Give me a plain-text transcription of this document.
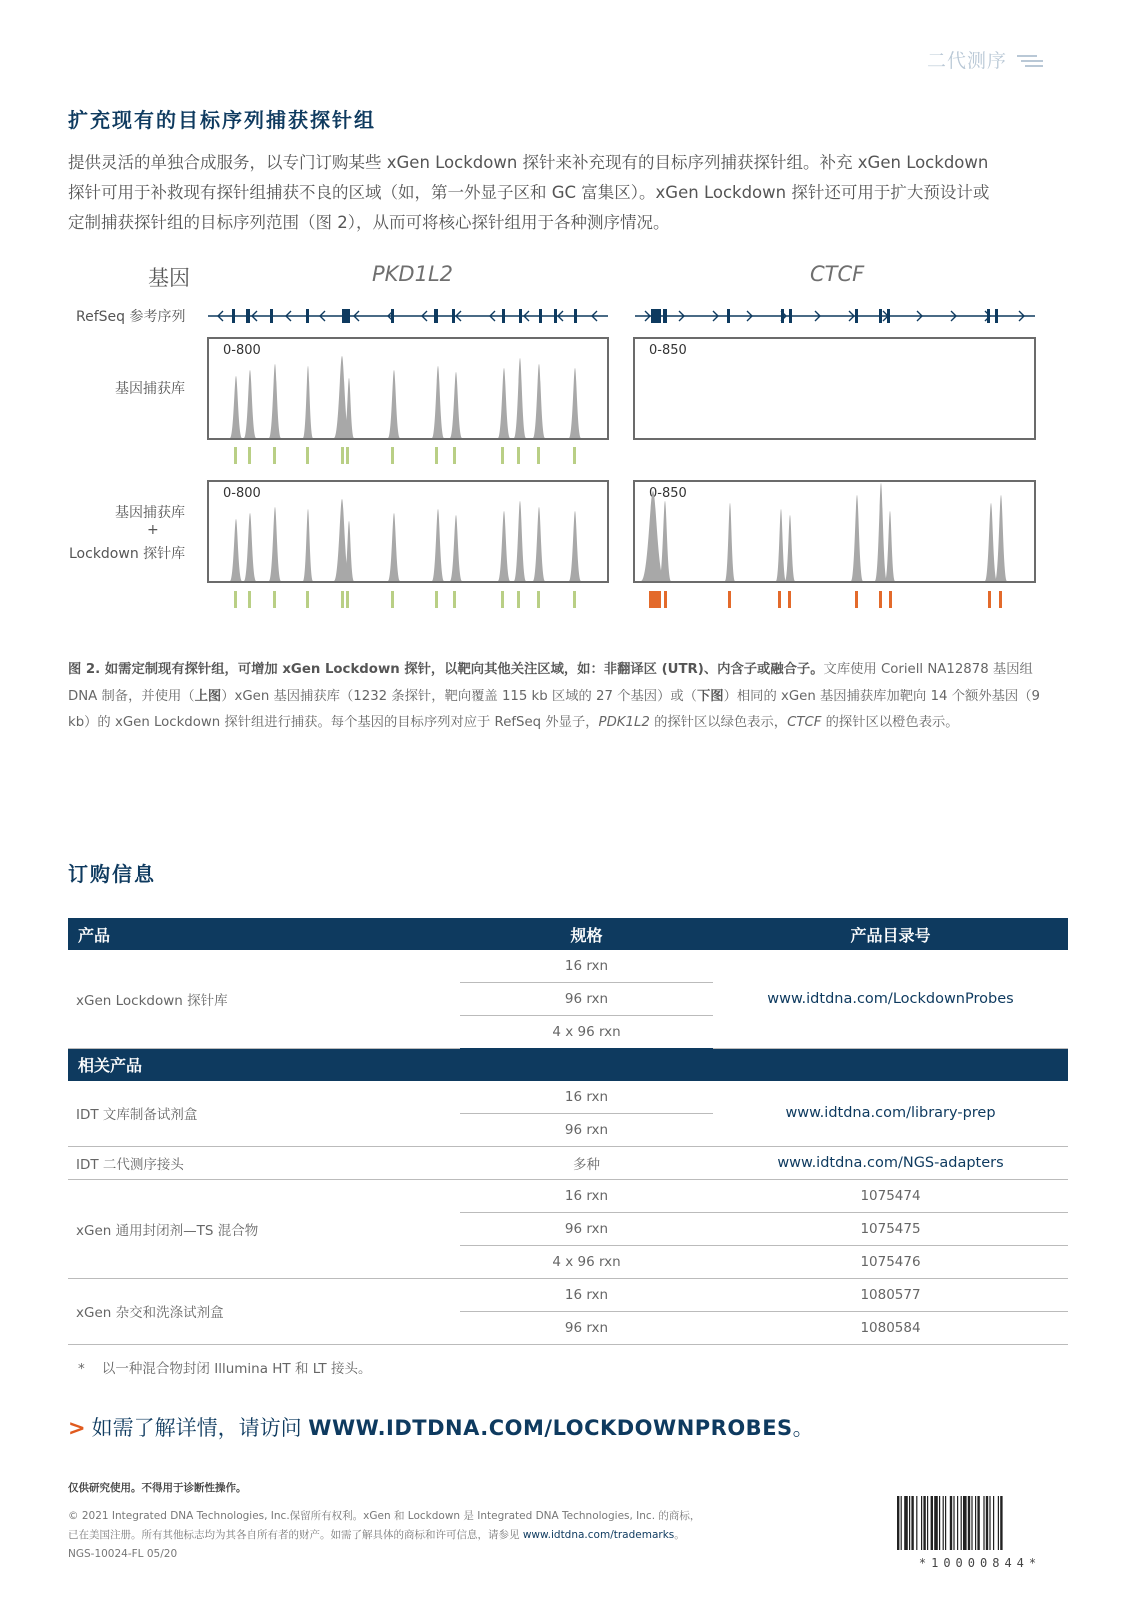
二代测序
扩充现有的目标序列捕获探针组
提供灵活的单独合成服务，以专门订购某些 xGen Lockdown 探针来补充现有的目标序列捕获探针组。补充 xGen Lockdown
探针可用于补救现有探针组捕获不良的区域（如，第一外显子区和 GC 富集区）。xGen Lockdown 探针还可用于扩大预设计或
定制捕获探针组的目标序列范围（图 2），从而可将核心探针组用于各种测序情况。
基因	PKD1L2	CTCF
RefSeq 参考序列
基因捕获库
基因捕获库
+
Lockdown 探针库
0-800	0-850
0-800	0-850
图 2. 如需定制现有探针组，可增加 xGen Lockdown 探针，以靶向其他关注区域，如：非翻译区 (UTR)、内含子或融合子。文库使用 Coriell NA12878 基因组 DNA 制备，并使用（上图）xGen 基因捕获库（1232 条探针，靶向覆盖 115 kb 区域的 27 个基因）或（下图）相同的 xGen 基因捕获库加靶向 14 个额外基因（9 kb）的 xGen Lockdown 探针组进行捕获。每个基因的目标序列对应于 RefSeq 外显子，PDK1L2 的探针区以绿色表示，CTCF 的探针区以橙色表示。
订购信息
产品	规格	产品目录号
xGen Lockdown 探针库	16 rxn	www.idtdna.com/LockdownProbes
	96 rxn	
	4 x 96 rxn	
相关产品		
IDT 文库制备试剂盒	16 rxn	www.idtdna.com/library-prep
	96 rxn	
IDT 二代测序接头	多种	www.idtdna.com/NGS-adapters
xGen 通用封闭剂—TS 混合物	16 rxn	1075474
	96 rxn	1075475
	4 x 96 rxn	1075476
xGen 杂交和洗涤试剂盒	16 rxn	1080577
	96 rxn	1080584
* 以一种混合物封闭 Illumina HT 和 LT 接头。
> 如需了解详情，请访问 WWW.IDTDNA.COM/LOCKDOWNPROBES。
仅供研究使用。不得用于诊断性操作。
© 2021 Integrated DNA Technologies, Inc.保留所有权利。xGen 和 Lockdown 是 Integrated DNA Technologies, Inc. 的商标，
已在美国注册。所有其他标志均为其各自所有者的财产。如需了解具体的商标和许可信息，请参见 www.idtdna.com/trademarks。
NGS-10024-FL 05/20
*10000844*
